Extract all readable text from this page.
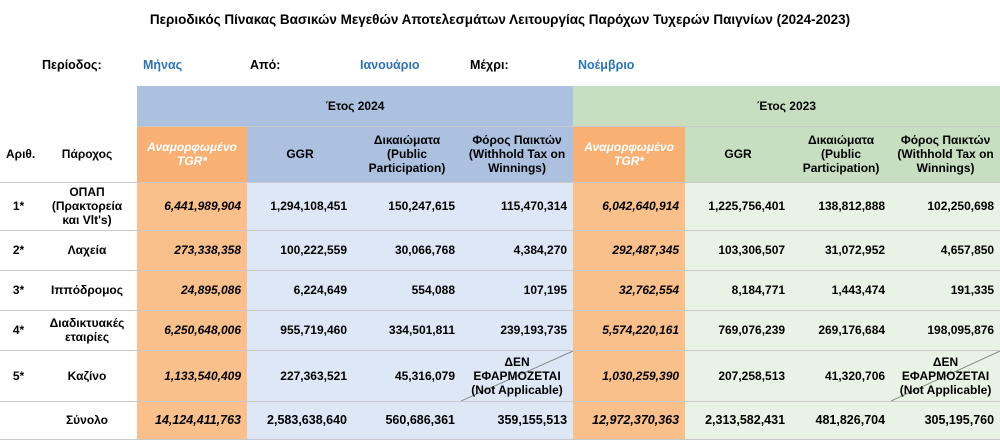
Περιοδικός Πίνακας Βασικών Μεγεθών Αποτελεσμάτων Λειτουργίας Παρόχων Τυχερών Παιγνίων (2024-2023)
Περίοδος:	Μήνας	Από:	Ιανουάριο	Μέχρι:	Νοέμβριο
		Έτος 2024				Έτος 2023			
Αριθ.	Πάροχος	Αναμορφωμένο TGR*	GGR	Δικαιώματα (Public Participation)	Φόρος Παικτών (Withhold Tax on Winnings)	Αναμορφωμένο TGR*	GGR	Δικαιώματα (Public Participation)	Φόρος Παικτών (Withhold Tax on Winnings)
1*	ΟΠΑΠ (Πρακτορεία και Vlt's)	6,441,989,904	1,294,108,451	150,247,615	115,470,314	6,042,640,914	1,225,756,401	138,812,888	102,250,698
2*	Λαχεία	273,338,358	100,222,559	30,066,768	4,384,270	292,487,345	103,306,507	31,072,952	4,657,850
3*	Ιππόδρομος	24,895,086	6,224,649	554,088	107,195	32,762,554	8,184,771	1,443,474	191,335
4*	Διαδικτυακές εταιρίες	6,250,648,006	955,719,460	334,501,811	239,193,735	5,574,220,161	769,076,239	269,176,684	198,095,876
5*	Καζίνο	1,133,540,409	227,363,521	45,316,079	ΔΕΝ ΕΦΑΡΜΟΖΕΤΑΙ (Not Applicable)	1,030,259,390	207,258,513	41,320,706	ΔΕΝ ΕΦΑΡΜΟΖΕΤΑΙ (Not Applicable)
	Σύνολο	14,124,411,763	2,583,638,640	560,686,361	359,155,513	12,972,370,363	2,313,582,431	481,826,704	305,195,760
